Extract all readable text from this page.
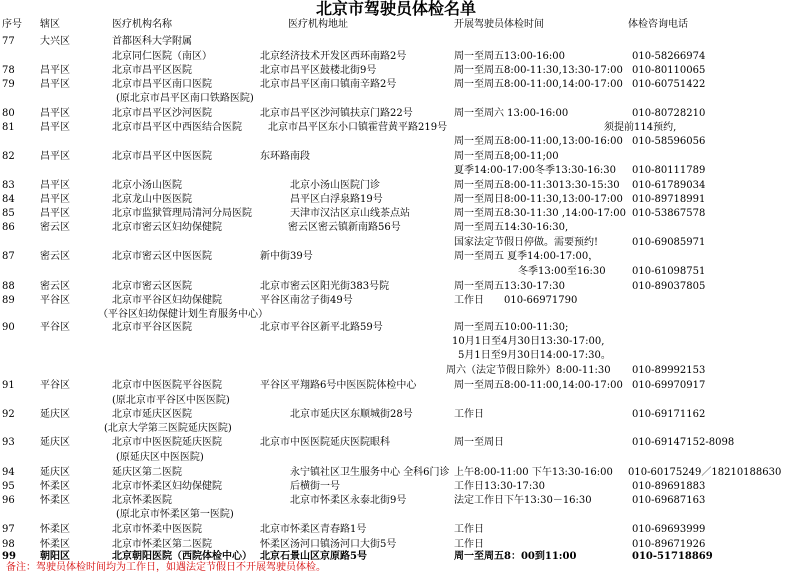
北京市驾驶员体检名单
序号 辖区	医疗机构名称	医疗机构地址	开展驾驶员体检时间	体检咨询电话
77	大兴区	首都医科大学附属
北京同仁医院（南区）	北京经济技术开发区西环南路2号	周一至周五13:00-16:00	010-58266974
78	昌平区	北京市昌平区医院	北京市昌平区鼓楼北街9号	周一至周五8:00-11:30,13:30-17:00 010-80110065
79	昌平区	北京市昌平区南口医院	北京市昌平区南口镇南辛路2号	周一至周五8:00-11:00,14:00-17:00 010-60751422
(原北京市昌平区南口铁路医院)
80	昌平区	北京市昌平区沙河医院	北京市昌平区沙河镇扶京门路22号	周一至周六 13:00-16:00	010-80728210
81	昌平区	北京市昌平区中西医结合医院	北京市昌平区东小口镇霍营黄平路219号	须提前114预约,
周一至周五8:00-11:00,13:00-16:00 010-58596056
82	昌平区	北京市昌平区中医医院	东环路南段	周一至周五8;00-11;00
夏季14:00-17:00冬季13:30-16:30 010-80111789
83	昌平区	北京小汤山医院	北京小汤山医院门诊	周一至周五8:00-11:3013:30-15:30 010-61789034
84	昌平区	北京龙山中医医院	昌平区白浮泉路19号	周一至周日8:00-11:30,13:00-17:00 010-89718991
85	昌平区	北京市监狱管理局清河分局医院	天津市汉沽区京山线茶点站	周一至周五8:30-11:30 ,14:00-17:00 010-53867578
86	密云区	北京市密云区妇幼保健院	密云区密云镇新南路56号	周一至周五14:30-16:30,
国家法定节假日停做。需要预约!	010-69085971
87	密云区	北京市密云区中医医院	新中街39号	周一至周五 夏季14:00-17:00，
冬季13:00至16:30	010-61098751
88	密云区	北京市密云区医院	北京市密云区阳光街383号院	周一至周五13:30-17:30	010-89037805
89	平谷区	北京市平谷区妇幼保健院	平谷区南岔子街49号	工作日 010-66971790
（平谷区妇幼保健计划生育服务中心）
90	平谷区	北京市平谷区医院	北京市平谷区新平北路59号	周一至周五10:00-11:30;
10月1日至4月30日13:30-17:00,
5月1日至9月30日14:00-17:30。
周六（法定节假日除外）8:00-11:30 010-89992153
91	平谷区	北京市中医医院平谷医院	平谷区平翔路6号中医医院体检中心	周一至周五8:00-11:00,14:00-17:00 010-69970917
(原北京市平谷区中医医院)
92	延庆区	北京市延庆区医院	北京市延庆区东顺城街28号	工作日	010-69171162
(北京大学第三医院延庆医院)
93	延庆区	北京市中医医院延庆医院	北京市中医医院延庆医院眼科	周一至周日	010-69147152-8098
(原延庆区中医医院)
94	延庆区	延庆区第二医院	永宁镇社区卫生服务中心 全科6门诊 上午8:00-11:00 下午13:30-16:00 010-60175249／18210188630
95	怀柔区	北京市怀柔区妇幼保健院	后横街一号	工作日13:30-17:30	010-89691883
96	怀柔区	北京怀柔医院	北京市怀柔区永泰北街9号	法定工作日下午13:30－16:30	010-69687163
(原北京市怀柔区第一医院)
97	怀柔区	北京市怀柔中医医院	北京市怀柔区青春路1号	工作日	010-69693999
98	怀柔区	北京市怀柔区第二医院	怀柔区汤河口镇汤河口大街5号	工作日	010-89671926
99 朝阳区	北京朝阳医院（西院体检中心） 北京石景山区京原路5号	周一至周五8：00到11:00	010-51718869
备注：驾驶员体检时间均为工作日，如遇法定节假日不开展驾驶员体检。
